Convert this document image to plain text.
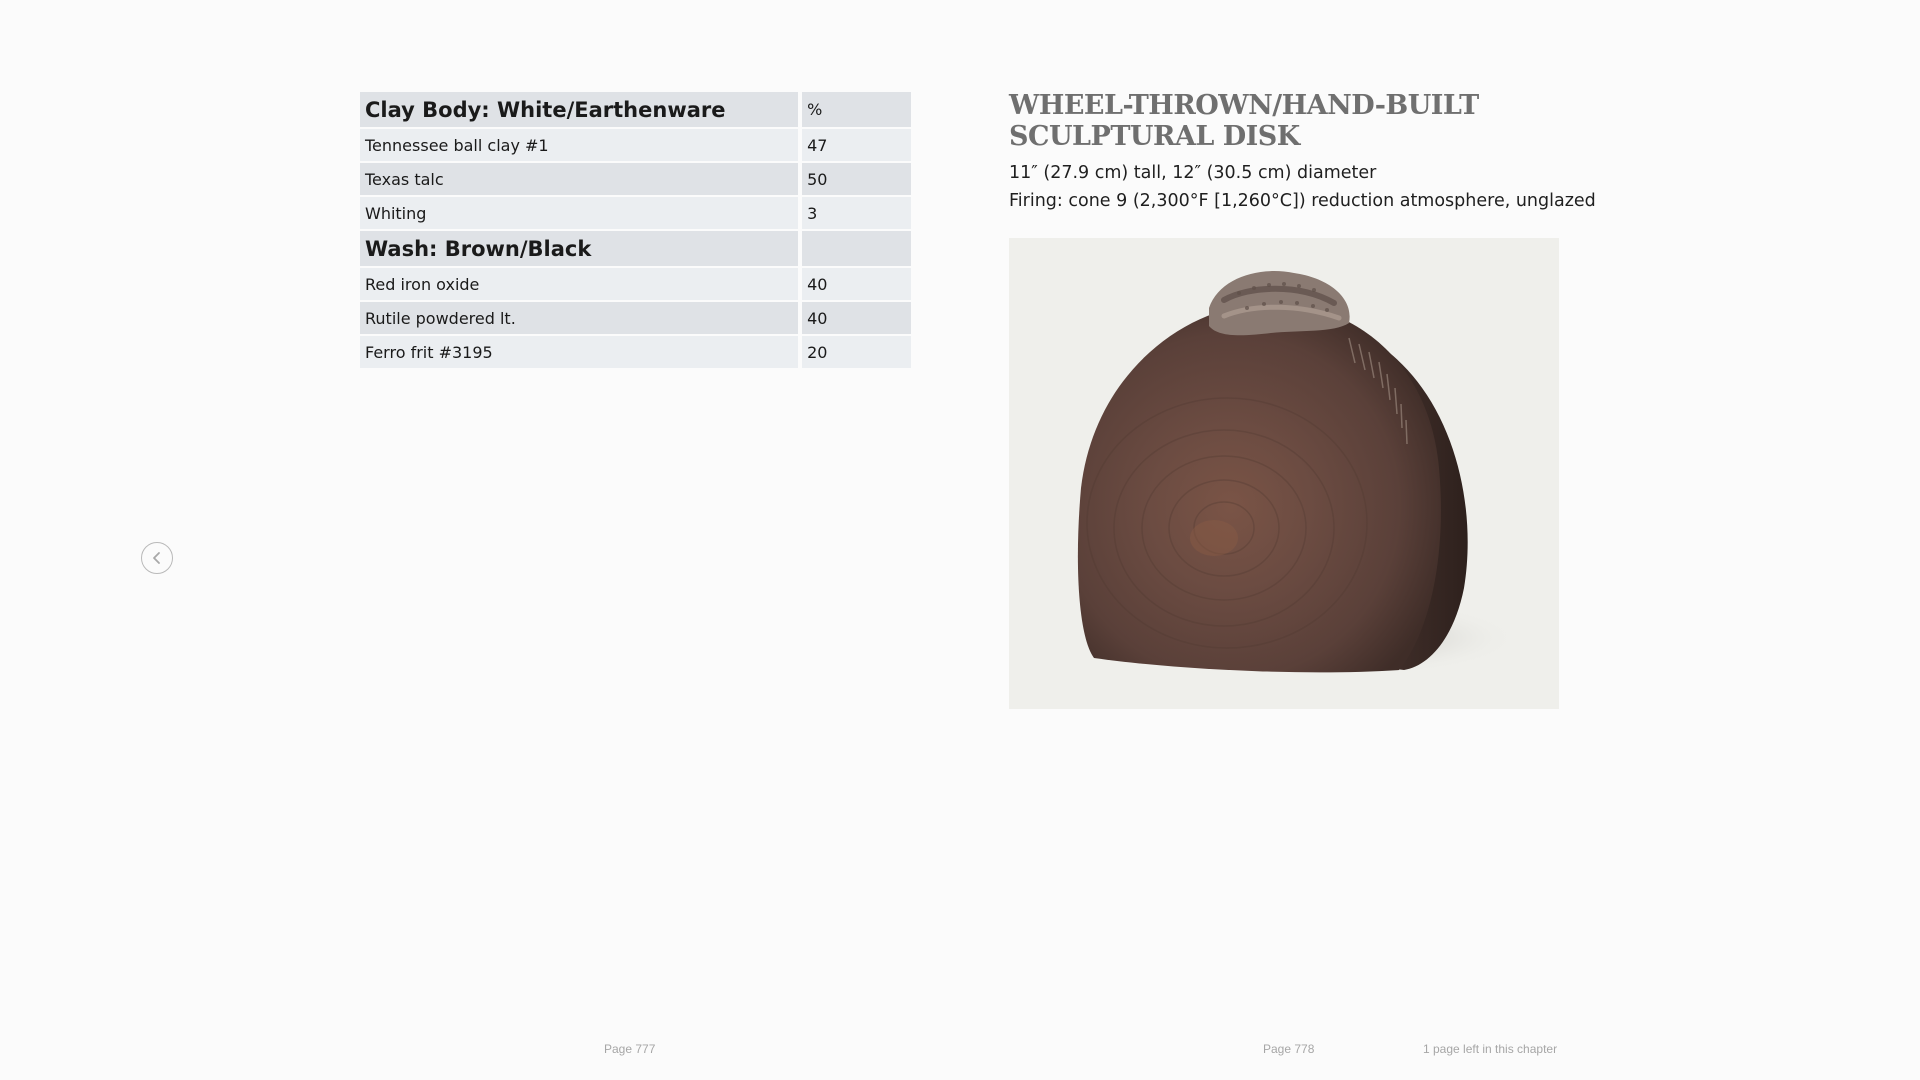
Clay Body: White/Earthenware		%
Tennessee ball clay #1		47
Texas talc		50
Whiting		3
Wash: Brown/Black		
Red iron oxide		40
Rutile powdered lt.		40
Ferro frit #3195		20
WHEEL-THROWN/HAND-BUILT
SCULPTURAL DISK

11″ (27.9 cm) tall, 12″ (30.5 cm) diameter

Firing: cone 9 (2,300°F [1,260°C]) reduction atmosphere, unglazed

Page 777	Page 778	1 page left in this chapter
